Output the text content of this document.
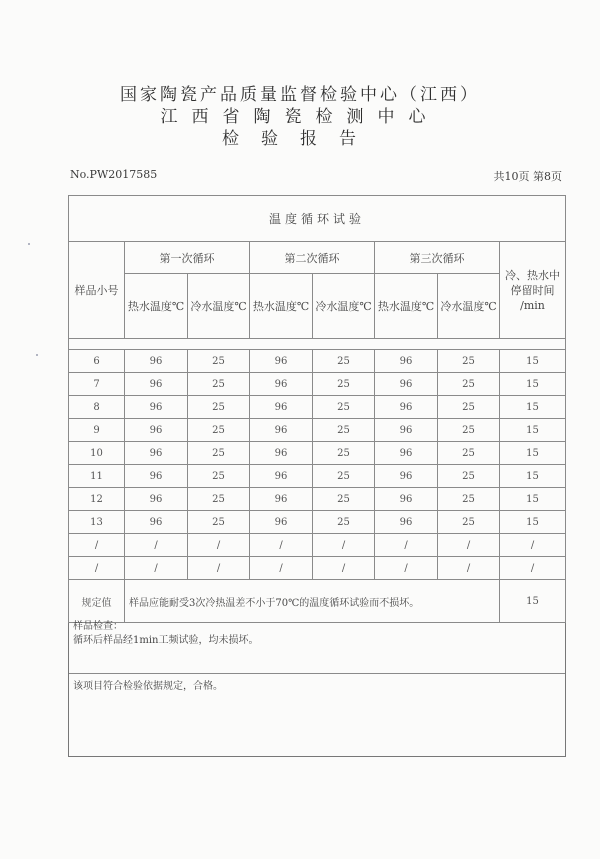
国家陶瓷产品质量监督检验中心（江西）
江西省陶瓷检测中心
检验报告
No.PW2017585	共10页 第8页
温度循环试验							
样品小号	第一次循环		第二次循环		第三次循环		冷、热水中
停留时间
/min

	热水温度℃	冷水温度℃	热水温度℃	冷水温度℃	热水温度℃	冷水温度℃	

6	96	25	96	25	96	25	15
7	96	25	96	25	96	25	15
8	96	25	96	25	96	25	15
9	96	25	96	25	96	25	15
10	96	25	96	25	96	25	15
11	96	25	96	25	96	25	15
12	96	25	96	25	96	25	15
13	96	25	96	25	96	25	15
/	/	/	/	/	/	/	/
/	/	/	/	/	/	/	/
规定值	样品应能耐受3次冷热温差不小于70℃的温度循环试验而不损坏。						15
样品检查：
循环后样品经1min工频试验，均未损坏。
该项目符合检验依据规定，合格。
